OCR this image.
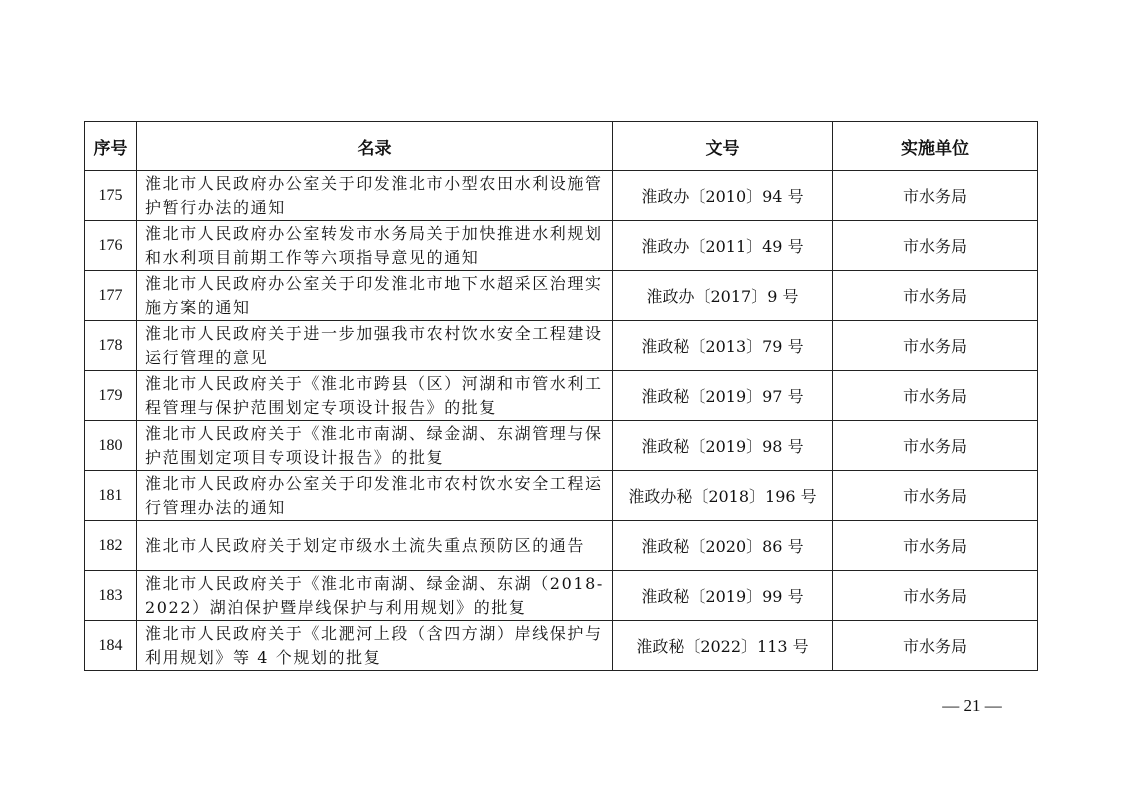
序号	名录	文号	实施单位
175	淮北市人民政府办公室关于印发淮北市小型农田水利设施管护暂行办法的通知	淮政办〔2010〕94 号	市水务局
176	淮北市人民政府办公室转发市水务局关于加快推进水利规划和水利项目前期工作等六项指导意见的通知	淮政办〔2011〕49 号	市水务局
177	淮北市人民政府办公室关于印发淮北市地下水超采区治理实施方案的通知	淮政办〔2017〕9 号	市水务局
178	淮北市人民政府关于进一步加强我市农村饮水安全工程建设运行管理的意见	淮政秘〔2013〕79 号	市水务局
179	淮北市人民政府关于《淮北市跨县（区）河湖和市管水利工程管理与保护范围划定专项设计报告》的批复	淮政秘〔2019〕97 号	市水务局
180	淮北市人民政府关于《淮北市南湖、绿金湖、东湖管理与保护范围划定项目专项设计报告》的批复	淮政秘〔2019〕98 号	市水务局
181	淮北市人民政府办公室关于印发淮北市农村饮水安全工程运行管理办法的通知	淮政办秘〔2018〕196 号	市水务局
182	淮北市人民政府关于划定市级水土流失重点预防区的通告	淮政秘〔2020〕86 号	市水务局
183	淮北市人民政府关于《淮北市南湖、绿金湖、东湖（2018-2022）湖泊保护暨岸线保护与利用规划》的批复	淮政秘〔2019〕99 号	市水务局
184	淮北市人民政府关于《北淝河上段（含四方湖）岸线保护与利用规划》等 4 个规划的批复	淮政秘〔2022〕113 号	市水务局
— 21 —
